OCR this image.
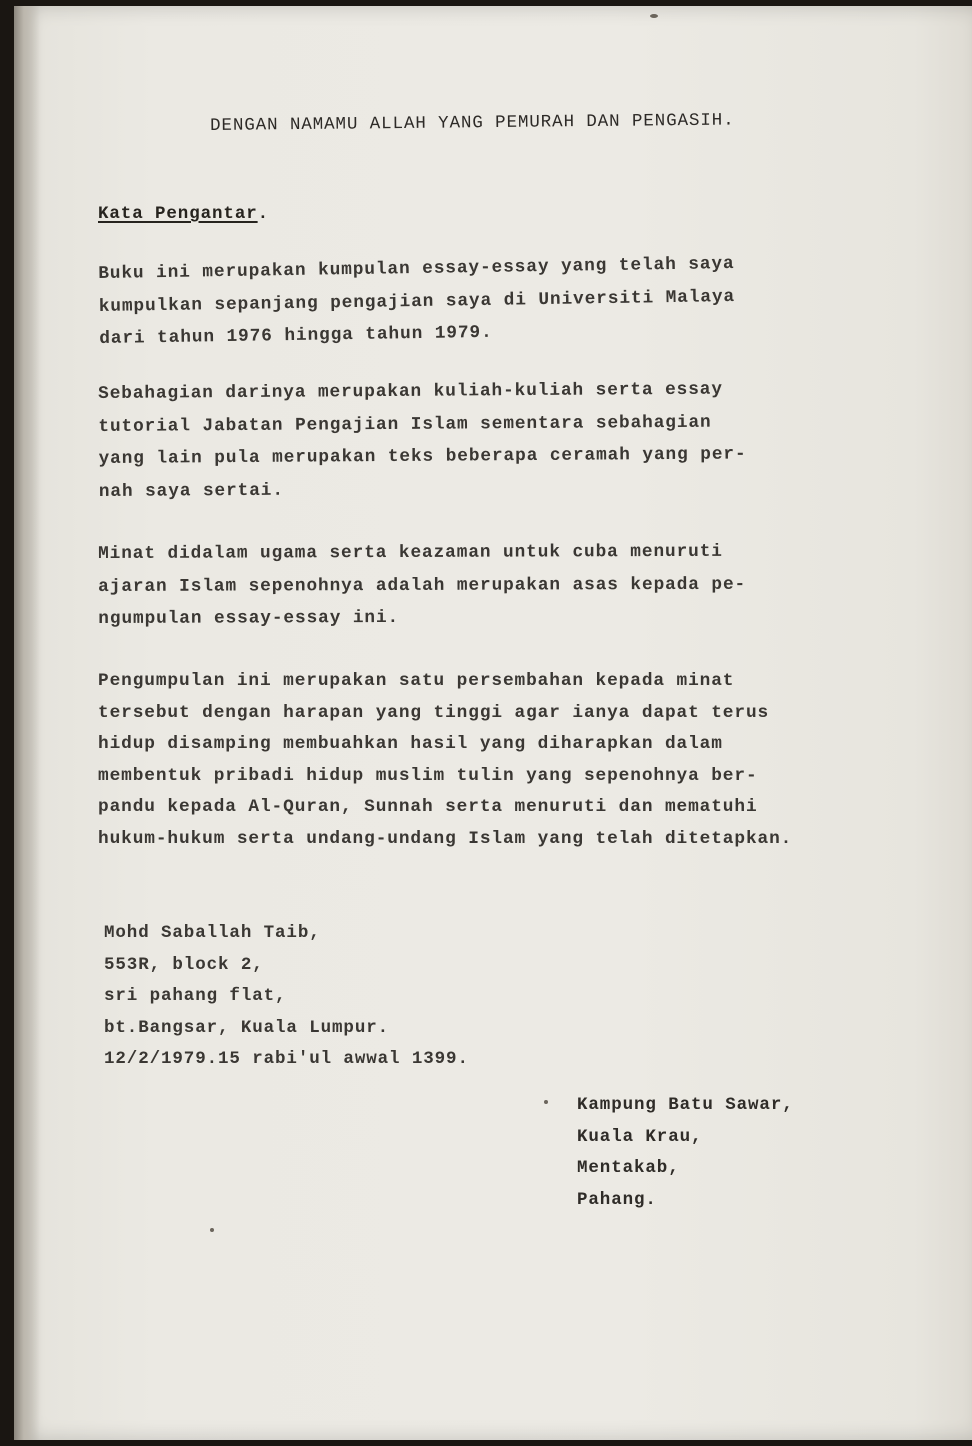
DENGAN NAMAMU ALLAH YANG PEMURAH DAN PENGASIH.

Kata Pengantar.

Buku ini merupakan kumpulan essay-essay yang telah saya
kumpulkan sepanjang pengajian saya di Universiti Malaya
dari tahun 1976 hingga tahun 1979.

Sebahagian darinya merupakan kuliah-kuliah serta essay
tutorial Jabatan Pengajian Islam sementara sebahagian
yang lain pula merupakan teks beberapa ceramah yang per-
nah saya sertai.

Minat didalam ugama serta keazaman untuk cuba menuruti
ajaran Islam sepenohnya adalah merupakan asas kepada pe-
ngumpulan essay-essay ini.

Pengumpulan ini merupakan satu persembahan kepada minat
tersebut dengan harapan yang tinggi agar ianya dapat terus
hidup disamping membuahkan hasil yang diharapkan dalam
membentuk pribadi hidup muslim tulin yang sepenohnya ber-
pandu kepada Al-Quran, Sunnah serta menuruti dan mematuhi
hukum-hukum serta undang-undang Islam yang telah ditetapkan.

Mohd Saballah Taib,
553R, block 2,
sri pahang flat,
bt.Bangsar, Kuala Lumpur.
12/2/1979.15 rabi'ul awwal 1399.

Kampung Batu Sawar,
Kuala Krau,
Mentakab,
Pahang.
